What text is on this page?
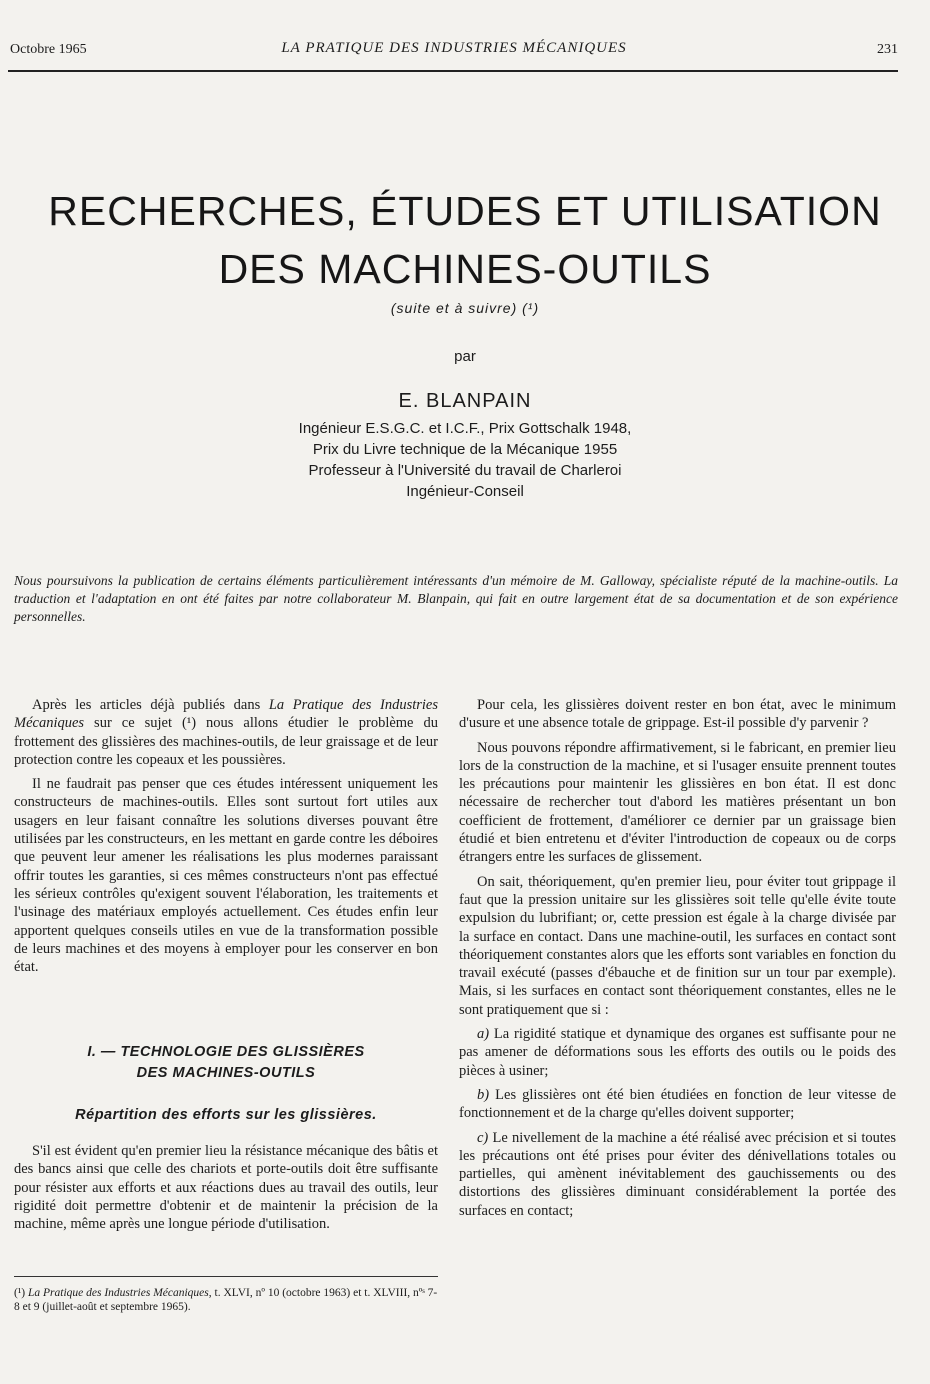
Octobre 1965	LA PRATIQUE DES INDUSTRIES MÉCANIQUES	231
RECHERCHES, ÉTUDES ET UTILISATION
DES MACHINES-OUTILS
(suite et à suivre) (¹)
par
E. BLANPAIN
Ingénieur E.S.G.C. et I.C.F., Prix Gottschalk 1948,
Prix du Livre technique de la Mécanique 1955
Professeur à l'Université du travail de Charleroi
Ingénieur-Conseil
Nous poursuivons la publication de certains éléments particulièrement intéressants d'un mémoire de M. Galloway, spécialiste réputé de la machine-outils. La traduction et l'adaptation en ont été faites par notre collaborateur M. Blanpain, qui fait en outre largement état de sa documentation et de son expérience personnelles.

Après les articles déjà publiés dans La Pratique des Industries Mécaniques sur ce sujet (¹) nous allons étudier le problème du frottement des glissières des machines-outils, de leur graissage et de leur protection contre les copeaux et les poussières.

Il ne faudrait pas penser que ces études intéressent uniquement les constructeurs de machines-outils. Elles sont surtout fort utiles aux usagers en leur faisant connaître les solutions diverses pouvant être utilisées par les constructeurs, en les mettant en garde contre les déboires que peuvent leur amener les réalisations les plus modernes paraissant offrir toutes les garanties, si ces mêmes constructeurs n'ont pas effectué les sérieux contrôles qu'exigent souvent l'élaboration, les traitements et l'usinage des matériaux employés actuellement. Ces études enfin leur apportent quelques conseils utiles en vue de la transformation possible de leurs machines et des moyens à employer pour les conserver en bon état.

I. — TECHNOLOGIE DES GLISSIÈRES
DES MACHINES-OUTILS
Répartition des efforts sur les glissières.

S'il est évident qu'en premier lieu la résistance mécanique des bâtis et des bancs ainsi que celle des chariots et porte-outils doit être suffisante pour résister aux efforts et aux réactions dues au travail des outils, leur rigidité doit permettre d'obtenir et de maintenir la précision de la machine, même après une longue période d'utilisation.

(¹) La Pratique des Industries Mécaniques, t. XLVI, nº 10 (octobre 1963) et t. XLVIII, nºˢ 7-8 et 9 (juillet-août et septembre 1965).

Pour cela, les glissières doivent rester en bon état, avec le minimum d'usure et une absence totale de grippage. Est-il possible d'y parvenir ?

Nous pouvons répondre affirmativement, si le fabricant, en premier lieu lors de la construction de la machine, et si l'usager ensuite prennent toutes les précautions pour maintenir les glissières en bon état. Il est donc nécessaire de rechercher tout d'abord les matières présentant un bon coefficient de frottement, d'améliorer ce dernier par un graissage bien étudié et bien entretenu et d'éviter l'introduction de copeaux ou de corps étrangers entre les surfaces de glissement.

On sait, théoriquement, qu'en premier lieu, pour éviter tout grippage il faut que la pression unitaire sur les glissières soit telle qu'elle évite toute expulsion du lubrifiant; or, cette pression est égale à la charge divisée par la surface en contact. Dans une machine-outil, les surfaces en contact sont théoriquement constantes alors que les efforts sont variables en fonction du travail exécuté (passes d'ébauche et de finition sur un tour par exemple). Mais, si les surfaces en contact sont théoriquement constantes, elles ne le sont pratiquement que si :

a) La rigidité statique et dynamique des organes est suffisante pour ne pas amener de déformations sous les efforts des outils ou le poids des pièces à usiner;

b) Les glissières ont été bien étudiées en fonction de leur vitesse de fonctionnement et de la charge qu'elles doivent supporter;

c) Le nivellement de la machine a été réalisé avec précision et si toutes les précautions ont été prises pour éviter des dénivellations totales ou partielles, qui amènent inévitablement des gauchissements ou des distortions des glissières diminuant considérablement la portée des surfaces en contact;
